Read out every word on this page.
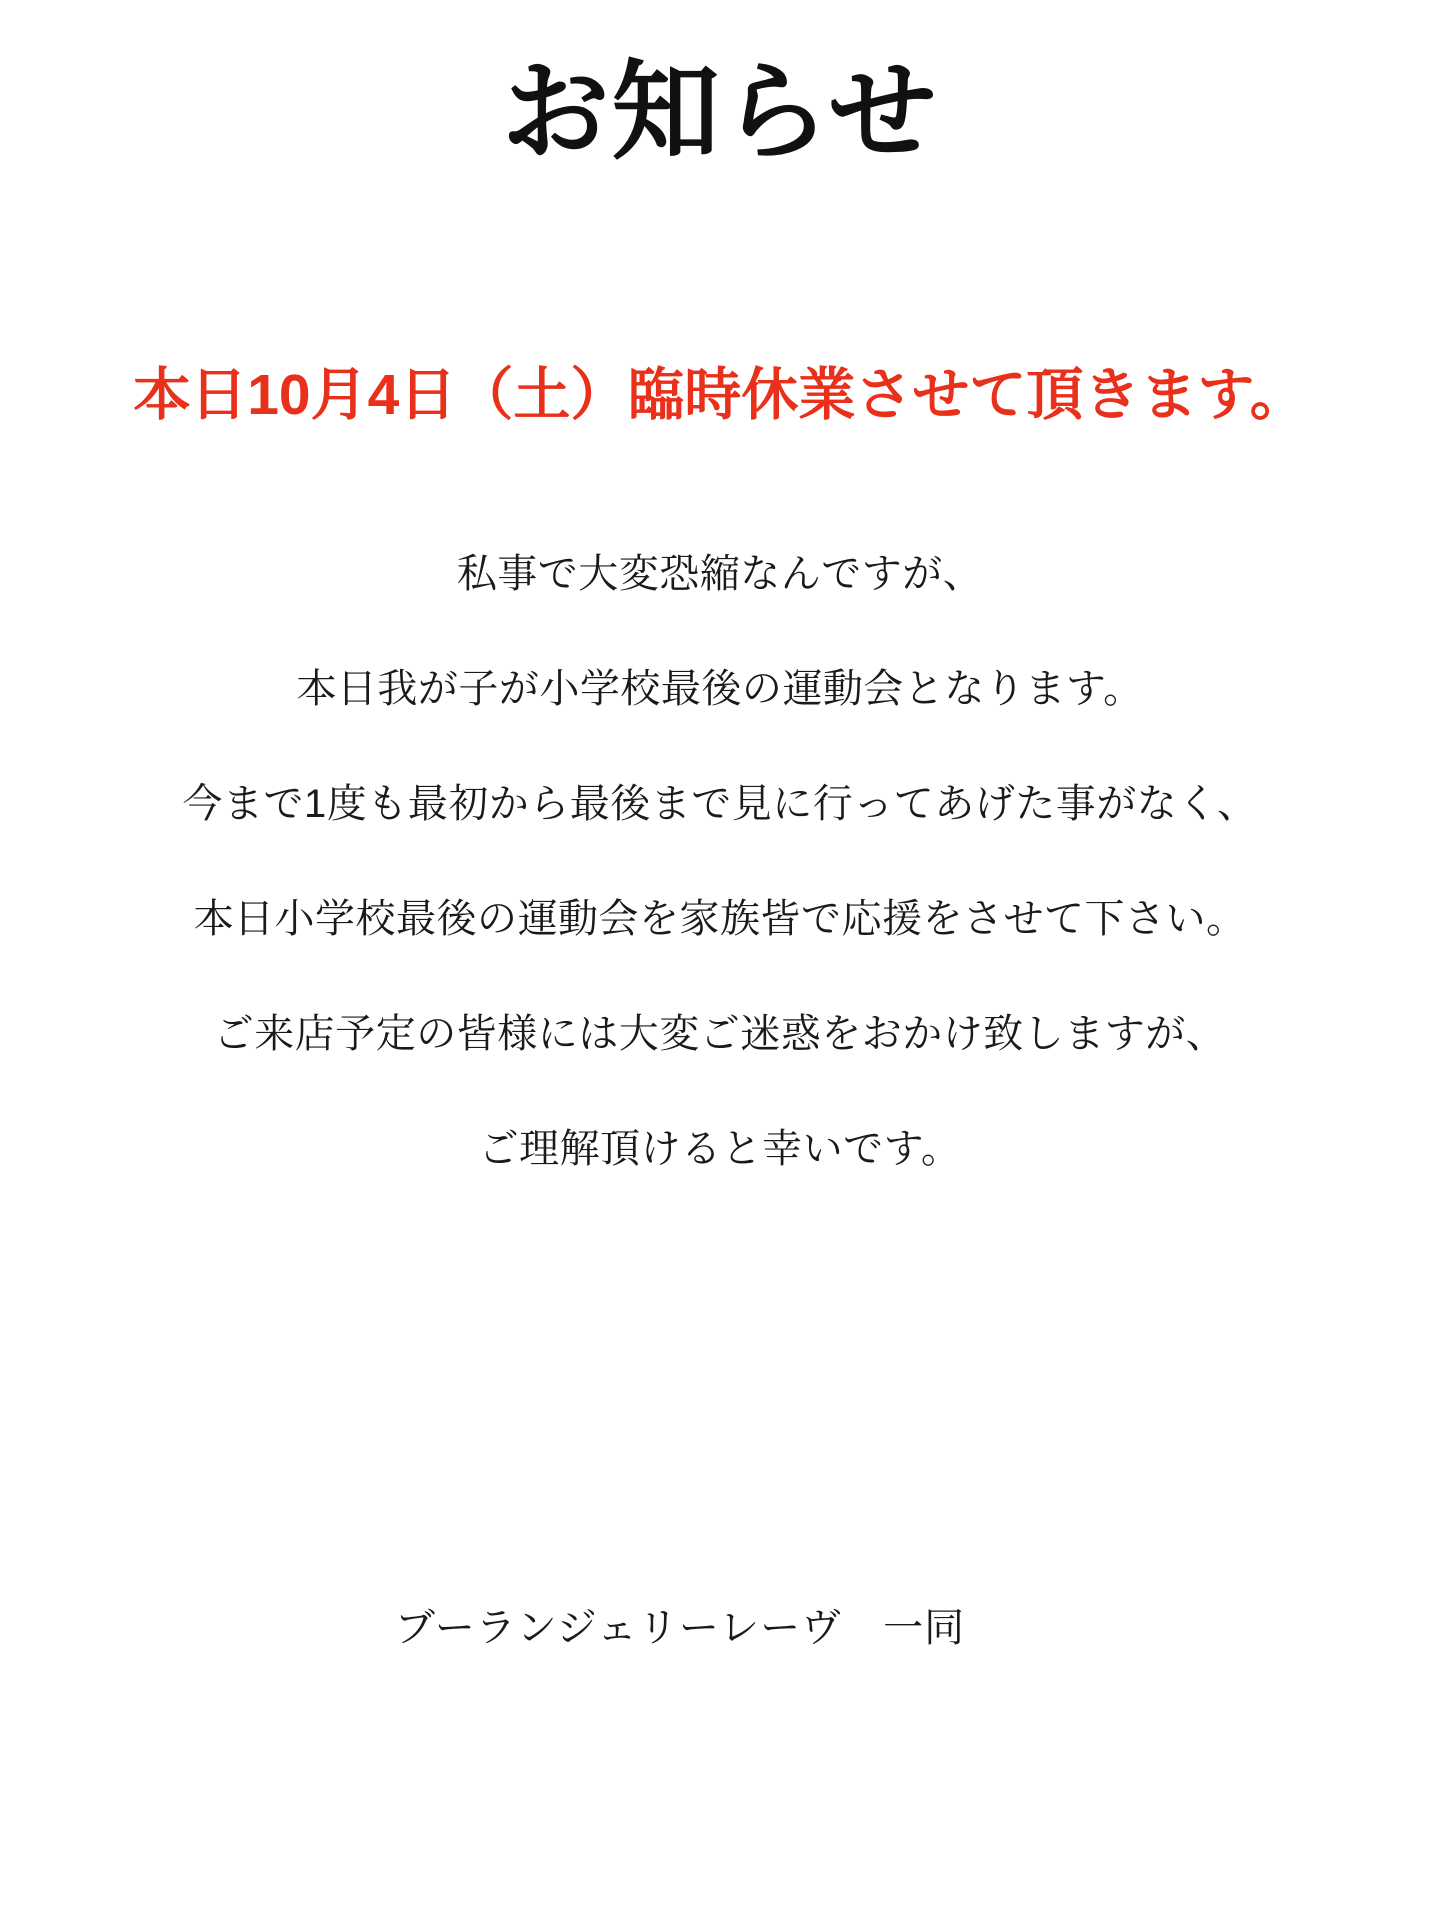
お知らせ
本日10月4日（土）臨時休業させて頂きます。

私事で大変恐縮なんですが、

本日我が子が小学校最後の運動会となります。

今まで1度も最初から最後まで見に行ってあげた事がなく、

本日小学校最後の運動会を家族皆で応援をさせて下さい。

ご来店予定の皆様には大変ご迷惑をおかけ致しますが、

ご理解頂けると幸いです。

ブーランジェリーレーヴ　一同
